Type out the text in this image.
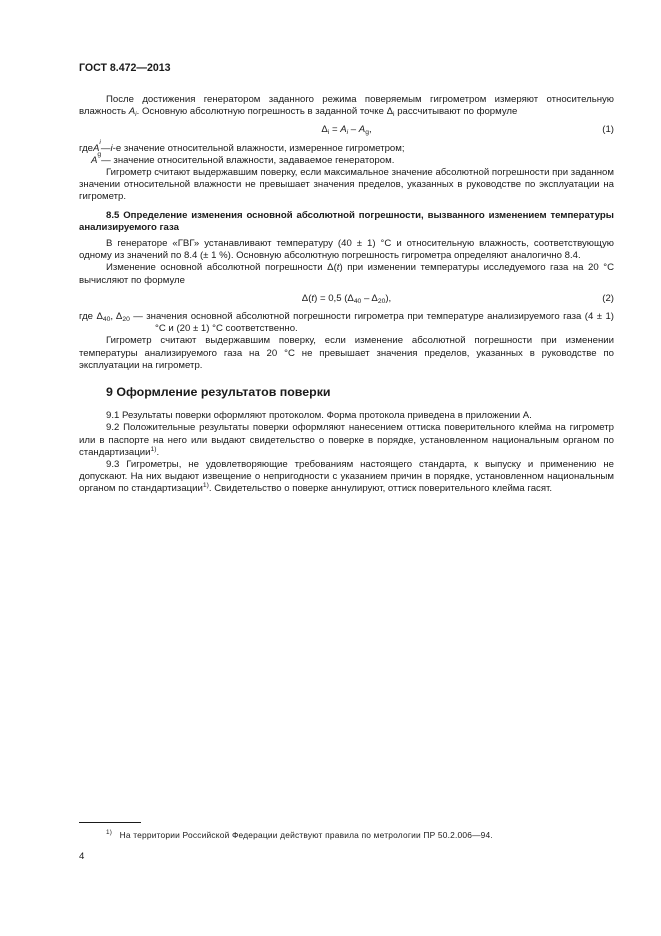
ГОСТ 8.472—2013

После достижения генератором заданного режима поверяемым гигрометром измеряют относительную влажность $A_i$. Основную абсолютную погрешность в заданной точке $\Delta_i$ рассчитывают по формуле

$\Delta_i = A_i - A_g$,	(1)
где A
i
— i -е значение относительной влажности, измеренное гигрометром;
A
g
— значение относительной влажности, задаваемое генератором.

Гигрометр считают выдержавшим поверку, если максимальное значение абсолютной погрешности при заданном значении относительной влажности не превышает значения пределов, указанных в руководстве по эксплуатации на гигрометр.

8.5 Определение изменения основной абсолютной погрешности, вызванного изменением температуры анализируемого газа

В генераторе «ГВГ» устанавливают температуру (40 ± 1) °C и относительную влажность, соответствующую одному из значений по 8.4 (± 1 %). Основную абсолютную погрешность гигрометра определяют аналогично 8.4.

Изменение основной абсолютной погрешности Δ(t) при изменении температуры исследуемого газа на 20 °C вычисляют по формуле

Δ(t) = 0,5 $(\Delta_{40} - \Delta_{20})$,	(2)
где $\Delta_{40}$, $\Delta_{20}$ — значения основной абсолютной погрешности гигрометра при температуре анализируемого газа (4 ± 1) °C и (20 ± 1) °C соответственно.

Гигрометр считают выдержавшим поверку, если изменение абсолютной погрешности при изменении температуры анализируемого газа на 20 °C не превышает значения пределов, указанных в руководстве по эксплуатации на гигрометр.

9 Оформление результатов поверки

9.1 Результаты поверки оформляют протоколом. Форма протокола приведена в приложении А.

9.2 Положительные результаты поверки оформляют нанесением оттиска поверительного клейма на гигрометр или в паспорте на него или выдают свидетельство о поверке в порядке, установленном национальным органом по стандартизации$^{1)}$.

9.3 Гигрометры, не удовлетворяющие требованиям настоящего стандарта, к выпуску и применению не допускают. На них выдают извещение о непригодности с указанием причин в порядке, установленном национальным органом по стандартизации$^{1)}$. Свидетельство о поверке аннулируют, оттиск поверительного клейма гасят.

$^{1)}$ На территории Российской Федерации действуют правила по метрологии ПР 50.2.006—94.
4
